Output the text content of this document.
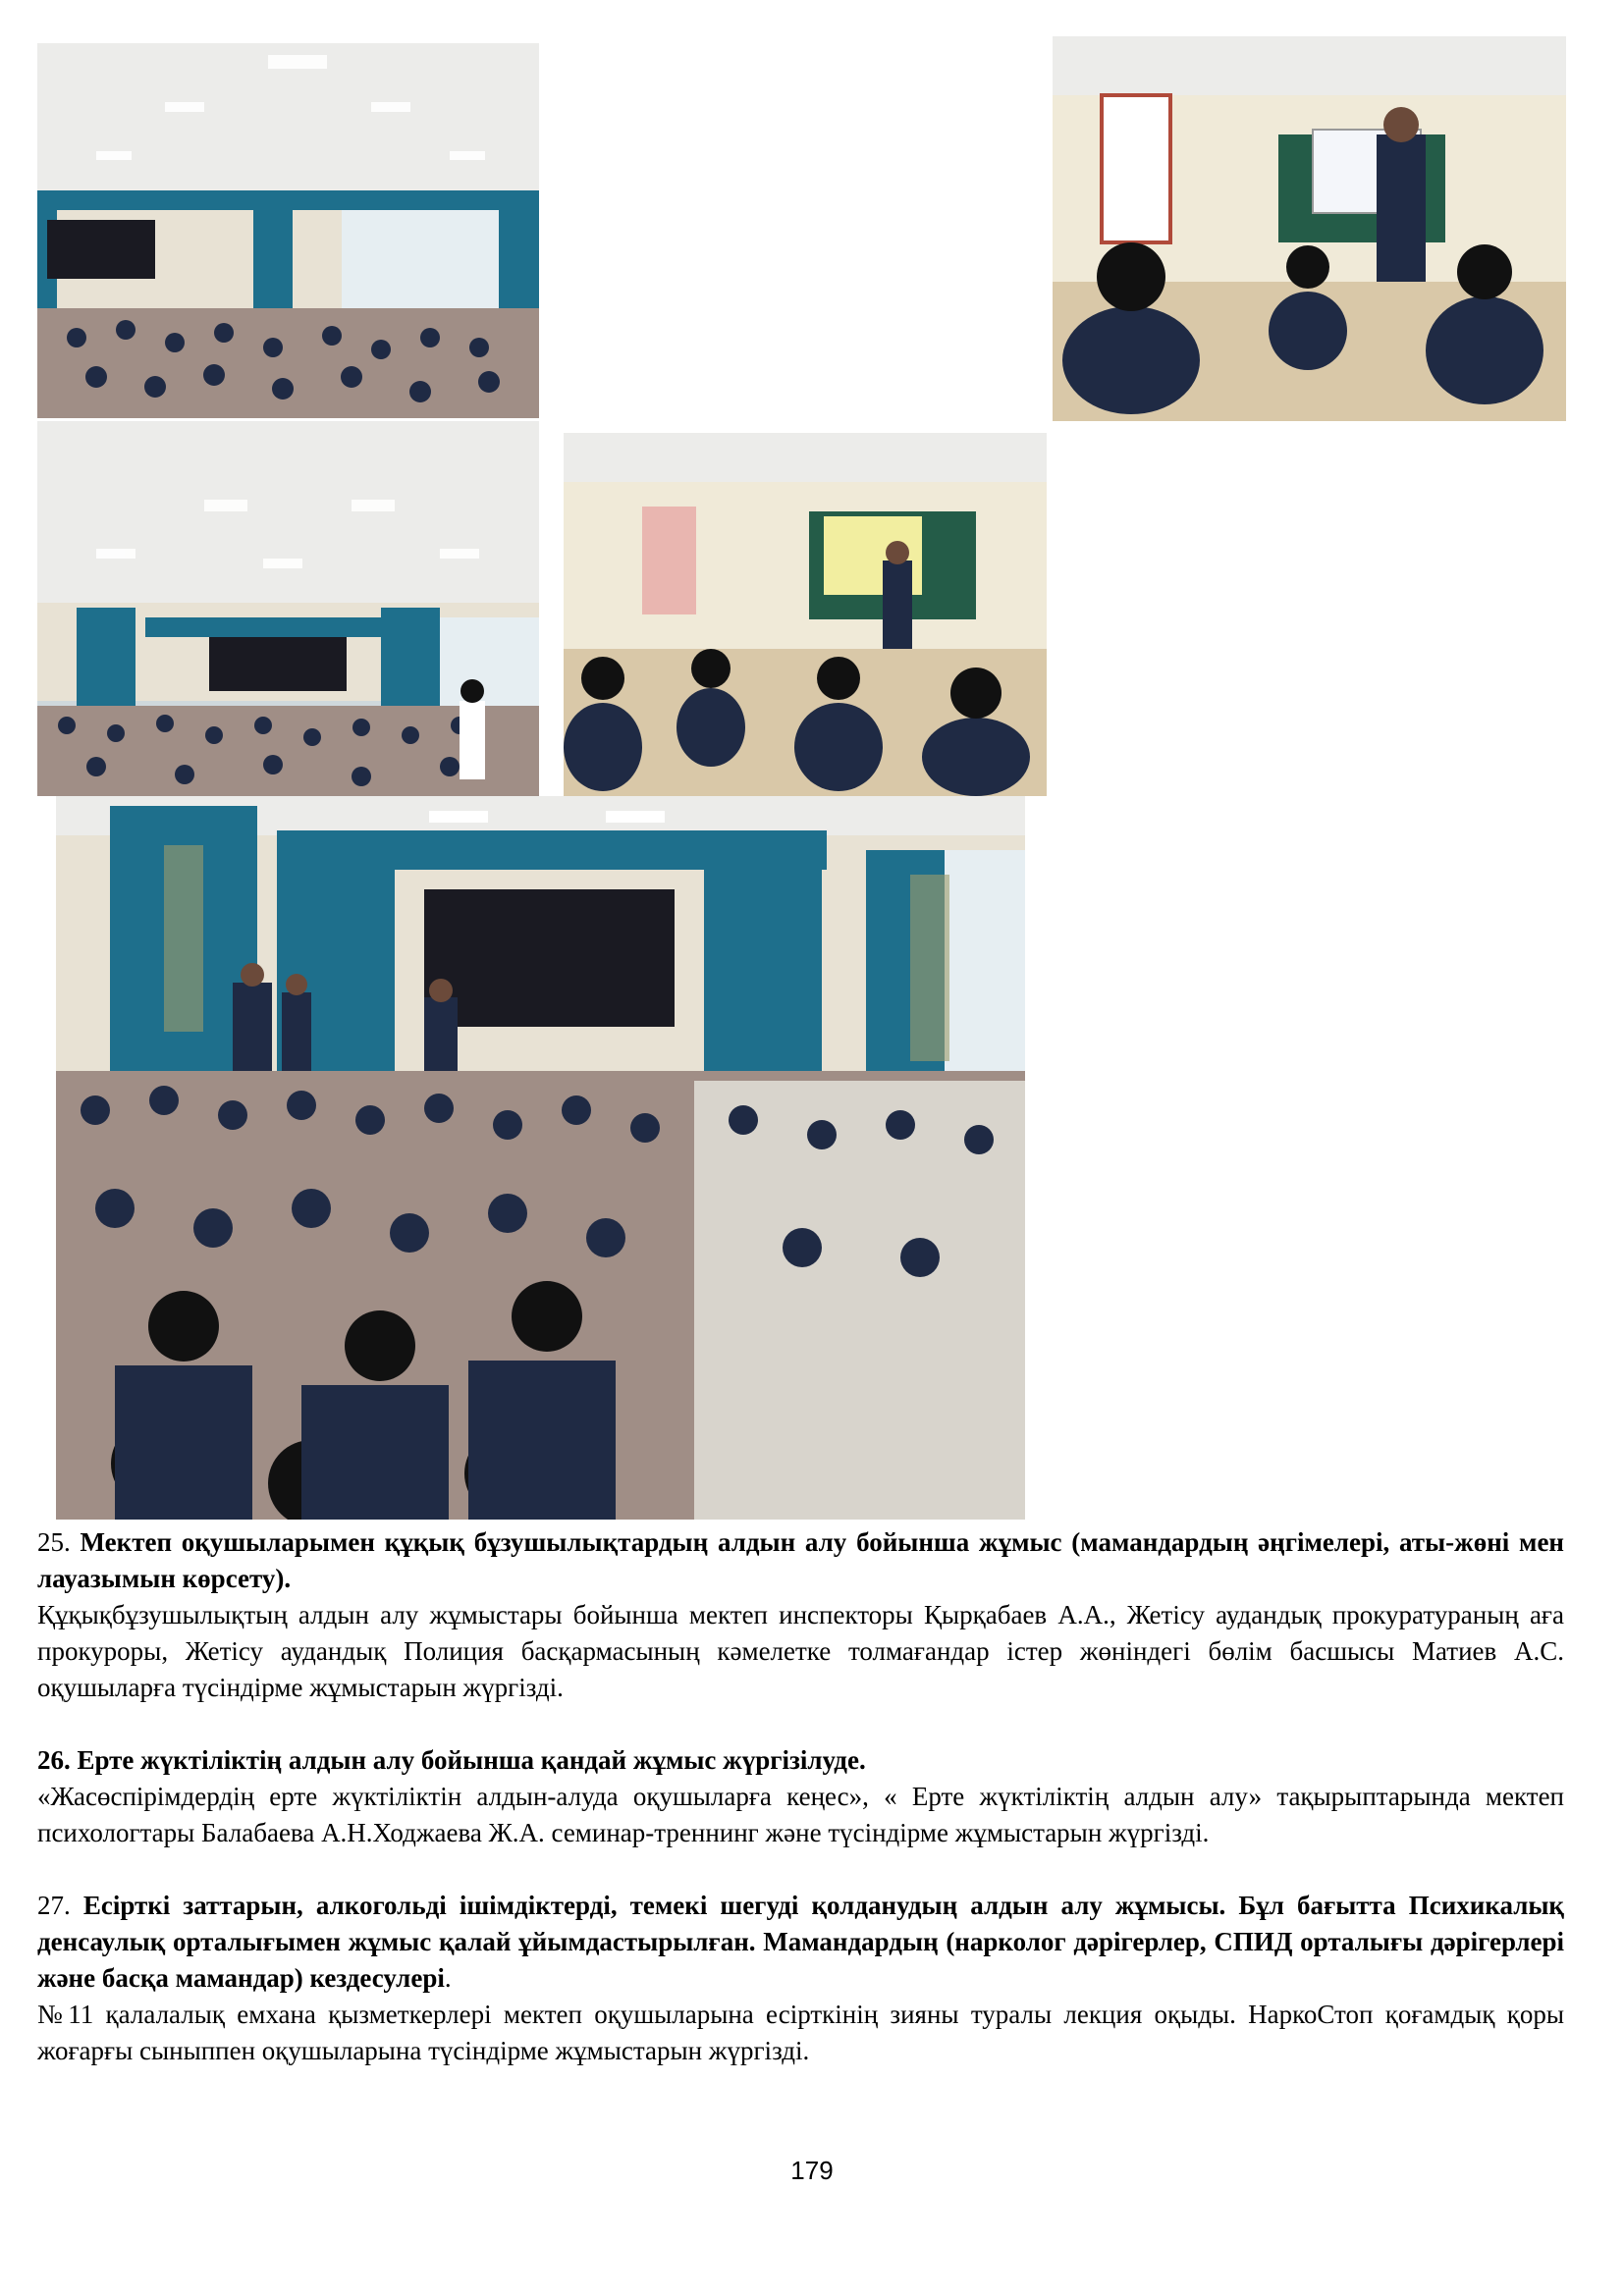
25. Мектеп оқушыларымен құқық бұзушылықтардың алдын алу бойынша жұмыс (мамандардың әңгімелері, аты-жөні мен лауазымын көрсету).

Құқықбұзушылықтың алдын алу жұмыстары бойынша мектеп инспекторы Қырқабаев А.А., Жетісу аудандық прокуратураның аға прокуроры, Жетісу аудандық Полиция басқармасының кәмелетке толмағандар істер жөніндегі бөлім басшысы Матиев А.С. оқушыларға түсіндірме жұмыстарын жүргізді.

26. Ерте жүктіліктің алдын алу бойынша қандай жұмыс жүргізілуде.

«Жасөспірімдердің ерте жүктіліктін алдын-алуда оқушыларға кеңес», « Ерте жүктіліктің алдын алу» тақырыптарында мектеп психологтары Балабаева А.Н.Ходжаева Ж.А. семинар-треннинг және түсіндірме жұмыстарын жүргізді.

27. Есірткі заттарын, алкогольді ішімдіктерді, темекі шегуді қолданудың алдын алу жұмысы. Бұл бағытта Психикалық денсаулық орталығымен жұмыс қалай ұйымдастырылған. Мамандардың (нарколог дәрігерлер, СПИД орталығы дәрігерлері және басқа мамандар) кездесулері.

№11 қалалалық емхана қызметкерлері мектеп оқушыларына есірткінің зияны туралы лекция оқыды. НаркоСтоп қоғамдық қоры жоғарғы сыныппен оқушыларына түсіндірме жұмыстарын жүргізді.

179
